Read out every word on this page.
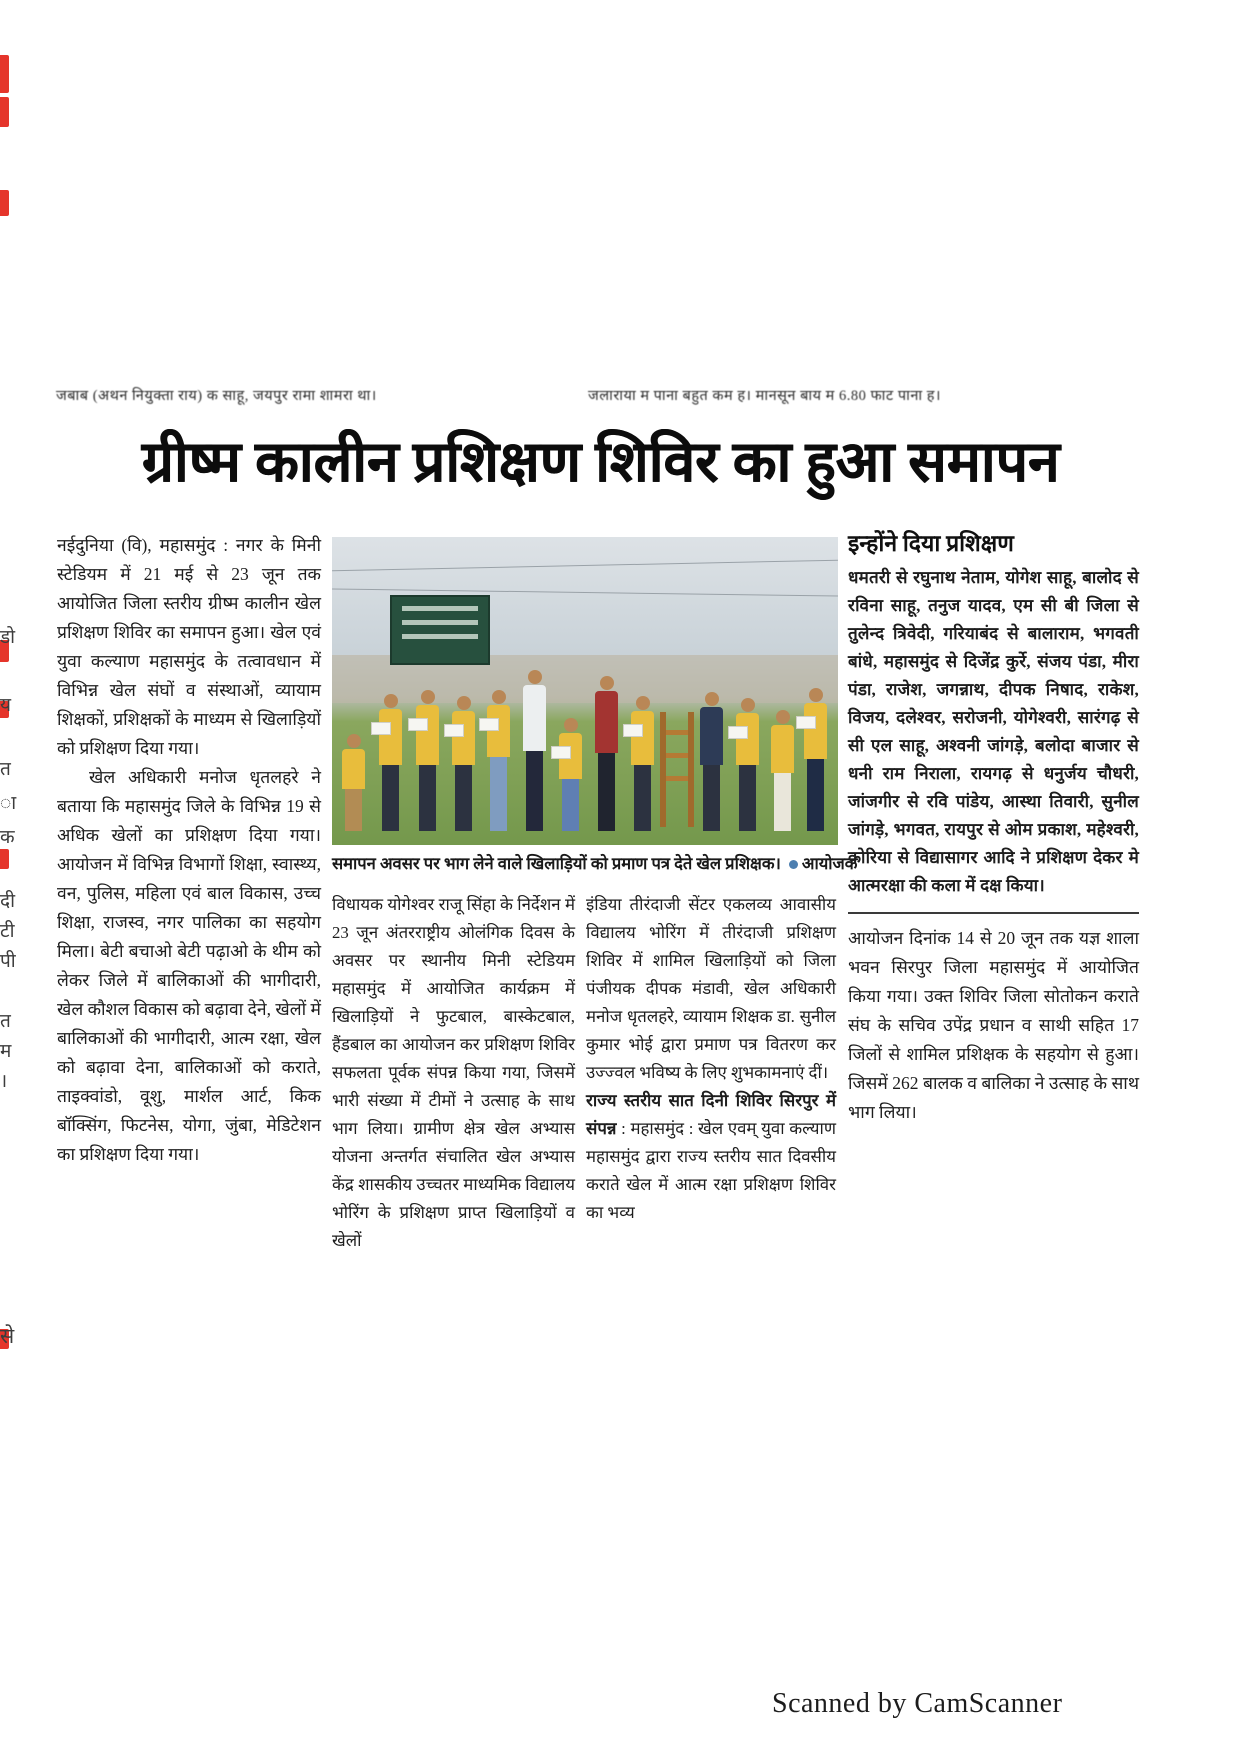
डो
य
त
ा
क
दी
टी
पी
त
म
।
से
जबाब (अथन नियुक्ता राय) क साहू, जयपुर रामा शामरा था।	जलाराया म पाना बहुत कम ह। मानसून बाय म 6.80 फाट पाना ह।
ग्रीष्म कालीन प्रशिक्षण शिविर का हुआ समापन

नईदुनिया (वि), महासमुंद : नगर के मिनी स्टेडियम में 21 मई से 23 जून तक आयोजित जिला स्तरीय ग्रीष्म कालीन खेल प्रशिक्षण शिविर का समापन हुआ। खेल एवं युवा कल्याण महासमुंद के तत्वावधान में विभिन्न खेल संघों व संस्थाओं, व्यायाम शिक्षकों, प्रशिक्षकों के माध्यम से खिलाड़ियों को प्रशिक्षण दिया गया।

खेल अधिकारी मनोज धृतलहरे ने बताया कि महासमुंद जिले के विभिन्न 19 से अधिक खेलों का प्रशिक्षण दिया गया। आयोजन में विभिन्न विभागों शिक्षा, स्वास्थ्य, वन, पुलिस, महिला एवं बाल विकास, उच्च शिक्षा, राजस्व, नगर पालिका का सहयोग मिला। बेटी बचाओ बेटी पढ़ाओ के थीम को लेकर जिले में बालिकाओं की भागीदारी, खेल कौशल विकास को बढ़ावा देने, खेलों में बालिकाओं की भागीदारी, आत्म रक्षा, खेल को बढ़ावा देना, बालिकाओं को कराते, ताइक्वांडो, वूशु, मार्शल आर्ट, किक बॉक्सिंग, फिटनेस, योगा, जुंबा, मेडिटेशन का प्रशिक्षण दिया गया।

समापन अवसर पर भाग लेने वाले खिलाड़ियों को प्रमाण पत्र देते खेल प्रशिक्षक। आयोजक

विधायक योगेश्वर राजू सिंहा के निर्देशन में 23 जून अंतरराष्ट्रीय ओलंगिक दिवस के अवसर पर स्थानीय मिनी स्टेडियम महासमुंद में आयोजित कार्यक्रम में खिलाड़ियों ने फुटबाल, बास्केटबाल, हैंडबाल का आयोजन कर प्रशिक्षण शिविर सफलता पूर्वक संपन्न किया गया, जिसमें भारी संख्या में टीमों ने उत्साह के साथ भाग लिया। ग्रामीण क्षेत्र खेल अभ्यास योजना अन्तर्गत संचालित खेल अभ्यास केंद्र शासकीय उच्चतर माध्यमिक विद्यालय भोरिंग के प्रशिक्षण प्राप्त खिलाड़ियों व खेलों

इंडिया तीरंदाजी सेंटर एकलव्य आवासीय विद्यालय भोरिंग में तीरंदाजी प्रशिक्षण शिविर में शामिल खिलाड़ियों को जिला पंजीयक दीपक मंडावी, खेल अधिकारी मनोज धृतलहरे, व्यायाम शिक्षक डा. सुनील कुमार भोई द्वारा प्रमाण पत्र वितरण कर उज्ज्वल भविष्य के लिए शुभकामनाएं दीं।

राज्य स्तरीय सात दिनी शिविर सिरपुर में संपन्न : महासमुंद : खेल एवम् युवा कल्याण महासमुंद द्वारा राज्य स्तरीय सात दिवसीय कराते खेल में आत्म रक्षा प्रशिक्षण शिविर का भव्य

इन्होंने दिया प्रशिक्षण

धमतरी से रघुनाथ नेताम, योगेश साहू, बालोद से रविना साहू, तनुज यादव, एम सी बी जिला से तुलेन्द त्रिवेदी, गरियाबंद से बालाराम, भगवती बांधे, महासमुंद से दिजेंद्र कुर्रे, संजय पंडा, मीरा पंडा, राजेश, जगन्नाथ, दीपक निषाद, राकेश, विजय, दलेश्वर, सरोजनी, योगेश्वरी, सारंगढ़ से सी एल साहू, अश्वनी जांगड़े, बलोदा बाजार से धनी राम निराला, रायगढ़ से धनुर्जय चौधरी, जांजगीर से रवि पांडेय, आस्था तिवारी, सुनील जांगड़े, भगवत, रायपुर से ओम प्रकाश, महेश्वरी, कोरिया से विद्यासागर आदि ने प्रशिक्षण देकर मे आत्मरक्षा की कला में दक्ष किया।

आयोजन दिनांक 14 से 20 जून तक यज्ञ शाला भवन सिरपुर जिला महासमुंद में आयोजित किया गया। उक्त शिविर जिला सोतोकन कराते संघ के सचिव उपेंद्र प्रधान व साथी सहित 17 जिलों से शामिल प्रशिक्षक के सहयोग से हुआ। जिसमें 262 बालक व बालिका ने उत्साह के साथ भाग लिया।

Scanned by CamScanner
